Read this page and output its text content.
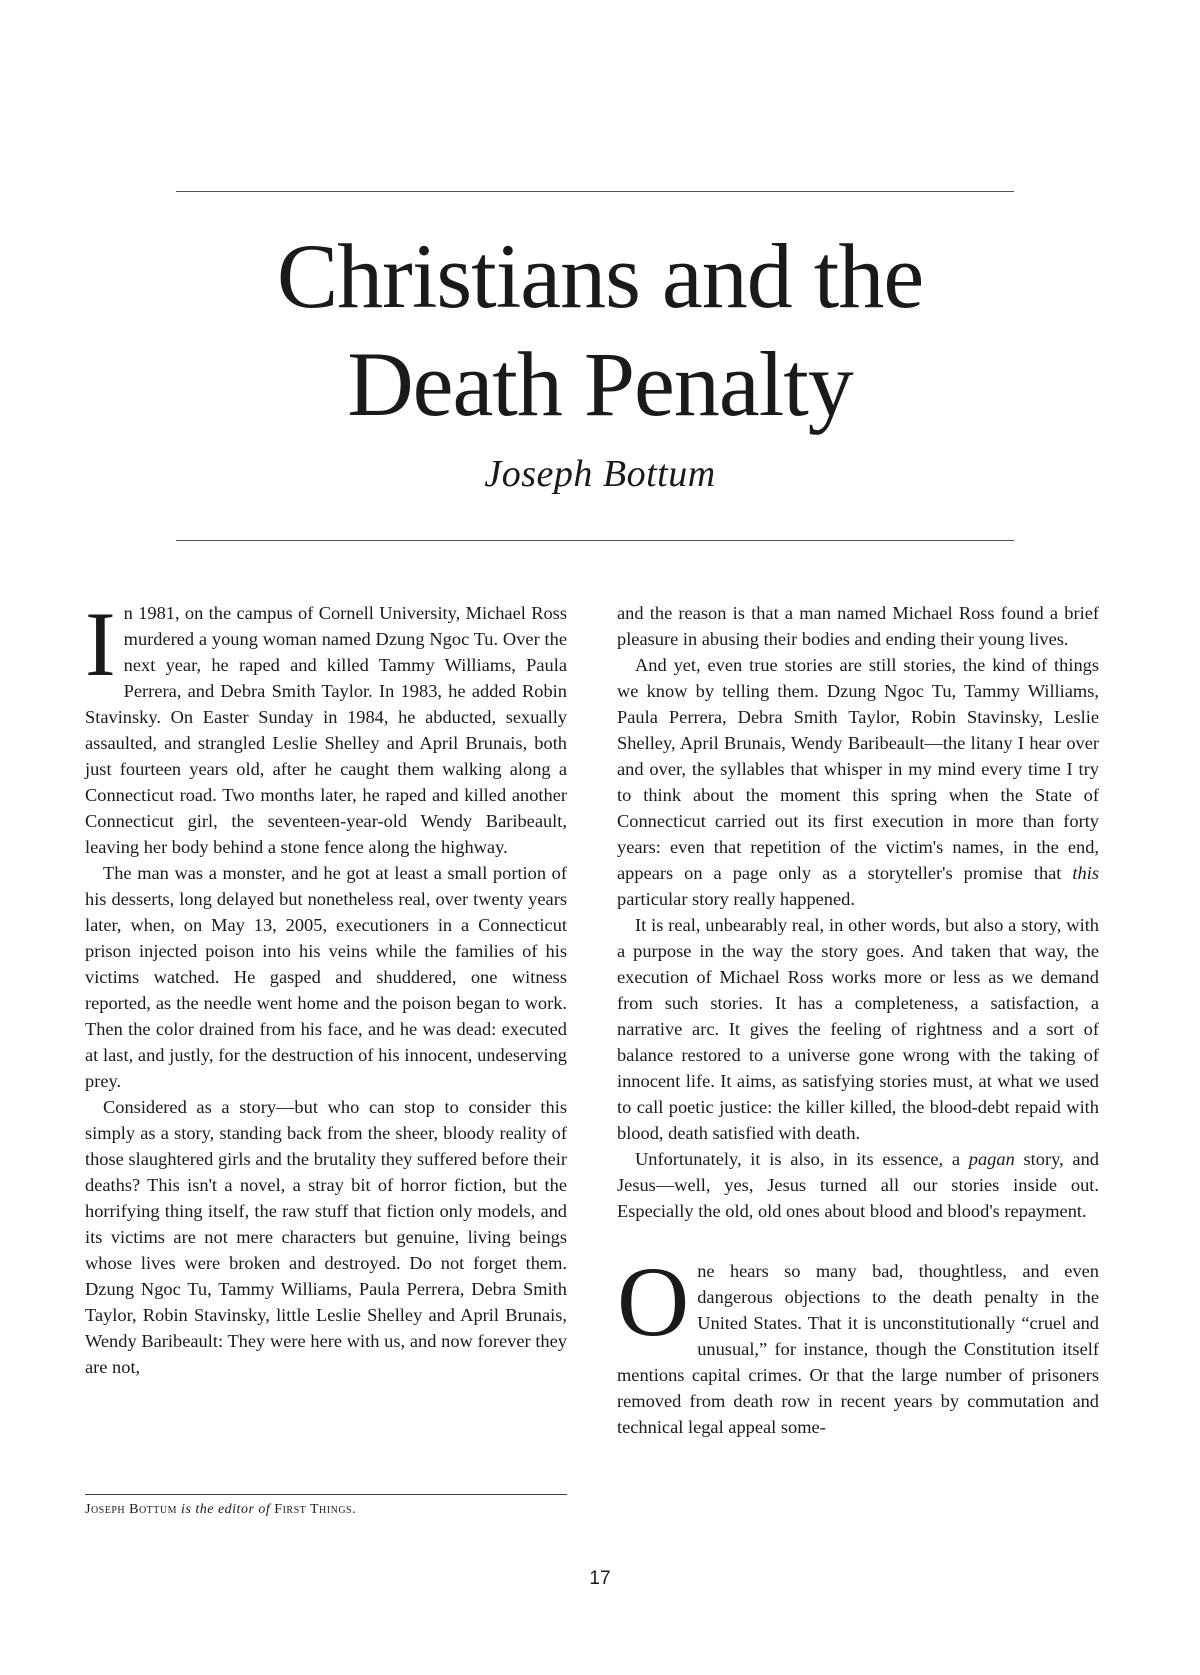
Christians and the
Death Penalty
Joseph Bottum

In 1981, on the campus of Cornell University, Michael Ross murdered a young woman named Dzung Ngoc Tu. Over the next year, he raped and killed Tammy Williams, Paula Perrera, and Debra Smith Taylor. In 1983, he added Robin Stavinsky. On Easter Sunday in 1984, he abducted, sexually assaulted, and strangled Leslie Shelley and April Brunais, both just fourteen years old, after he caught them walking along a Connecticut road. Two months later, he raped and killed another Connecticut girl, the seventeen-year-old Wendy Baribeault, leaving her body behind a stone fence along the highway.

The man was a monster, and he got at least a small portion of his desserts, long delayed but nonetheless real, over twenty years later, when, on May 13, 2005, executioners in a Connecticut prison injected poison into his veins while the families of his victims watched. He gasped and shuddered, one witness reported, as the needle went home and the poison began to work. Then the color drained from his face, and he was dead: executed at last, and justly, for the destruction of his innocent, undeserving prey.

Considered as a story—but who can stop to consider this simply as a story, standing back from the sheer, bloody reality of those slaughtered girls and the brutality they suffered before their deaths? This isn't a novel, a stray bit of horror fiction, but the horrifying thing itself, the raw stuff that fiction only models, and its victims are not mere characters but genuine, living beings whose lives were broken and destroyed. Do not forget them. Dzung Ngoc Tu, Tammy Williams, Paula Perrera, Debra Smith Taylor, Robin Stavinsky, little Leslie Shelley and April Brunais, Wendy Baribeault: They were here with us, and now forever they are not,

and the reason is that a man named Michael Ross found a brief pleasure in abusing their bodies and ending their young lives.

And yet, even true stories are still stories, the kind of things we know by telling them. Dzung Ngoc Tu, Tammy Williams, Paula Perrera, Debra Smith Taylor, Robin Stavinsky, Leslie Shelley, April Brunais, Wendy Baribeault—the litany I hear over and over, the syllables that whisper in my mind every time I try to think about the moment this spring when the State of Connecticut carried out its first execution in more than forty years: even that repetition of the victim's names, in the end, appears on a page only as a storyteller's promise that this particular story really happened.

It is real, unbearably real, in other words, but also a story, with a purpose in the way the story goes. And taken that way, the execution of Michael Ross works more or less as we demand from such stories. It has a completeness, a satisfaction, a narrative arc. It gives the feeling of rightness and a sort of balance restored to a universe gone wrong with the taking of innocent life. It aims, as satisfying stories must, at what we used to call poetic justice: the killer killed, the blood-debt repaid with blood, death satisfied with death.

Unfortunately, it is also, in its essence, a pagan story, and Jesus—well, yes, Jesus turned all our stories inside out. Especially the old, old ones about blood and blood's repayment.

One hears so many bad, thoughtless, and even dangerous objections to the death penalty in the United States. That it is unconstitutionally “cruel and unusual,” for instance, though the Constitution itself mentions capital crimes. Or that the large number of prisoners removed from death row in recent years by commutation and technical legal appeal some-

Joseph Bottum is the editor of First Things.
17
